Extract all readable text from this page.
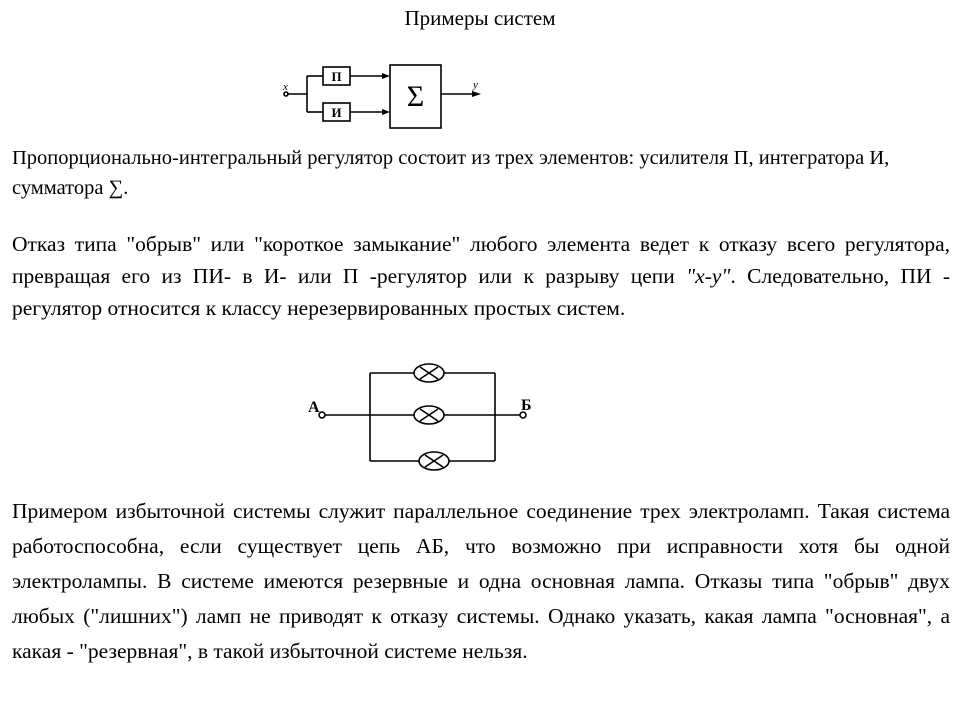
Примеры систем
x	y
П
И Σ
Пропорционально-интегральный регулятор состоит из трех элементов: усилителя П, интегратора И, сумматора ∑.
Отказ типа "обрыв" или "короткое замыкание" любого элемента ведет к отказу всего регулятора, превращая его из ПИ- в И- или П -регулятор или к разрыву цепи "x-y". Следовательно, ПИ - регулятор относится к классу нерезервированных простых систем.
А	Б
Примером избыточной системы служит параллельное соединение трех электроламп. Такая система работоспособна, если существует цепь АБ, что возможно при исправности хотя бы одной электролампы. В системе имеются резервные и одна основная лампа. Отказы типа "обрыв" двух любых ("лишних") ламп не приводят к отказу системы. Однако указать, какая лампа "основная", а какая - "резервная", в такой избыточной системе нельзя.
